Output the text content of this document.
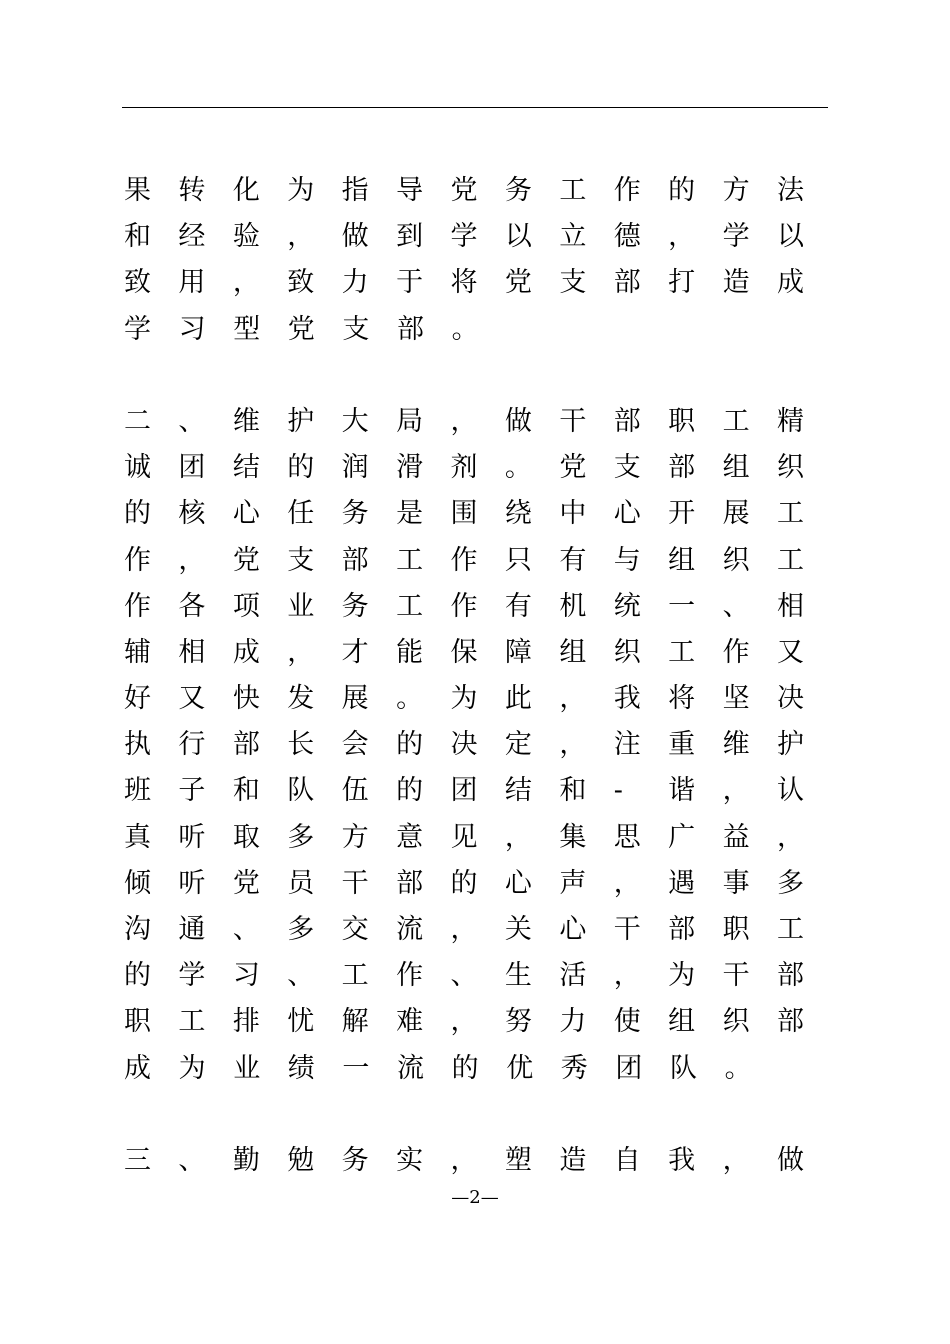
果 转 化 为 指 导 党 务 工 作 的 方 法
和 经 验 ， 做 到 学 以 立 德 ， 学 以
致 用 ， 致 力 于 将 党 支 部 打 造 成
学 习 型 党 支 部 。
二 、 维 护 大 局 ， 做 干 部 职 工 精
诚 团 结 的 润 滑 剂 。 党 支 部 组 织
的 核 心 任 务 是 围 绕 中 心 开 展 工
作 ， 党 支 部 工 作 只 有 与 组 织 工
作 各 项 业 务 工 作 有 机 统 一 、 相
辅 相 成 ， 才 能 保 障 组 织 工 作 又
好 又 快 发 展 。 为 此 ， 我 将 坚 决
执 行 部 长 会 的 决 定 ， 注 重 维 护
班 子 和 队 伍 的 团 结 和 - 谐 ， 认
真 听 取 多 方 意 见 ， 集 思 广 益 ，
倾 听 党 员 干 部 的 心 声 ， 遇 事 多
沟 通 、 多 交 流 ， 关 心 干 部 职 工
的 学 习 、 工 作 、 生 活 ， 为 干 部
职 工 排 忧 解 难 ， 努 力 使 组 织 部
成 为 业 绩 一 流 的 优 秀 团 队 。
三 、 勤 勉 务 实 ， 塑 造 自 我 ， 做
—2—
